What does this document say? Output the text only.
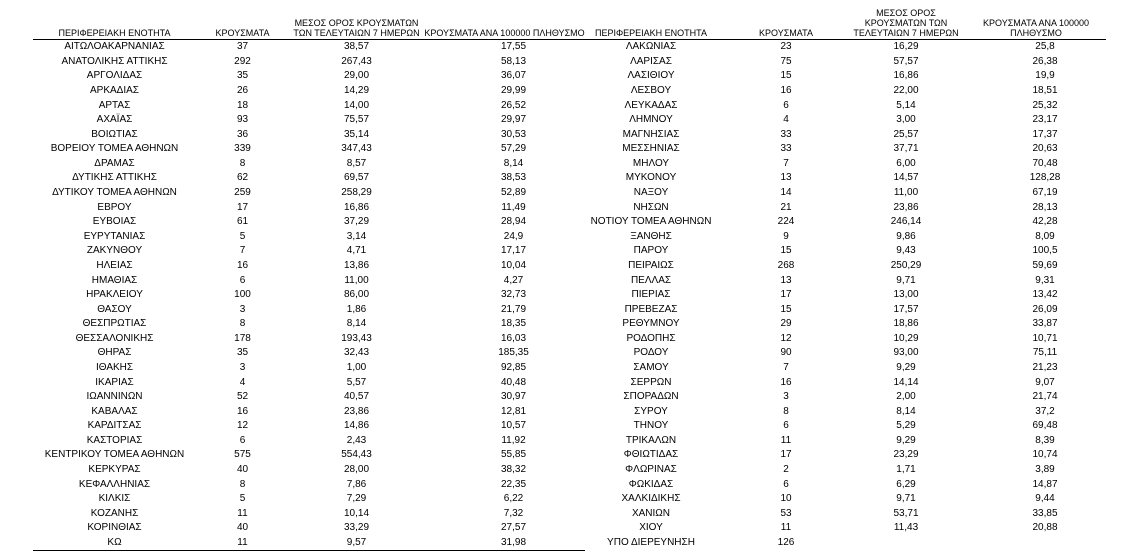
ΠΕΡΙΦΕΡΕΙΑΚΗ ΕΝΟΤΗΤΑ	ΚΡΟΥΣΜΑΤΑ	ΜΕΣΟΣ ΟΡΟΣ ΚΡΟΥΣΜΑΤΩΝ ΤΩΝ ΤΕΛΕΥΤΑΙΩΝ 7 ΗΜΕΡΩΝ	ΚΡΟΥΣΜΑΤΑ ΑΝΑ 100000 ΠΛΗΘΥΣΜΟ
ΑΙΤΩΛΟΑΚΑΡΝΑΝΙΑΣ	37	38,57	17,55
ΑΝΑΤΟΛΙΚΗΣ ΑΤΤΙΚΗΣ	292	267,43	58,13
ΑΡΓΟΛΙΔΑΣ	35	29,00	36,07
ΑΡΚΑΔΙΑΣ	26	14,29	29,99
ΑΡΤΑΣ	18	14,00	26,52
ΑΧΑΪΑΣ	93	75,57	29,97
ΒΟΙΩΤΙΑΣ	36	35,14	30,53
ΒΟΡΕΙΟΥ ΤΟΜΕΑ ΑΘΗΝΩΝ	339	347,43	57,29
ΔΡΑΜΑΣ	8	8,57	8,14
ΔΥΤΙΚΗΣ ΑΤΤΙΚΗΣ	62	69,57	38,53
ΔΥΤΙΚΟΥ ΤΟΜΕΑ ΑΘΗΝΩΝ	259	258,29	52,89
ΕΒΡΟΥ	17	16,86	11,49
ΕΥΒΟΙΑΣ	61	37,29	28,94
ΕΥΡΥΤΑΝΙΑΣ	5	3,14	24,9
ΖΑΚΥΝΘΟΥ	7	4,71	17,17
ΗΛΕΙΑΣ	16	13,86	10,04
ΗΜΑΘΙΑΣ	6	11,00	4,27
ΗΡΑΚΛΕΙΟΥ	100	86,00	32,73
ΘΑΣΟΥ	3	1,86	21,79
ΘΕΣΠΡΩΤΙΑΣ	8	8,14	18,35
ΘΕΣΣΑΛΟΝΙΚΗΣ	178	193,43	16,03
ΘΗΡΑΣ	35	32,43	185,35
ΙΘΑΚΗΣ	3	1,00	92,85
ΙΚΑΡΙΑΣ	4	5,57	40,48
ΙΩΑΝΝΙΝΩΝ	52	40,57	30,97
ΚΑΒΑΛΑΣ	16	23,86	12,81
ΚΑΡΔΙΤΣΑΣ	12	14,86	10,57
ΚΑΣΤΟΡΙΑΣ	6	2,43	11,92
ΚΕΝΤΡΙΚΟΥ ΤΟΜΕΑ ΑΘΗΝΩΝ	575	554,43	55,85
ΚΕΡΚΥΡΑΣ	40	28,00	38,32
ΚΕΦΑΛΛΗΝΙΑΣ	8	7,86	22,35
ΚΙΛΚΙΣ	5	7,29	6,22
ΚΟΖΑΝΗΣ	11	10,14	7,32
ΚΟΡΙΝΘΙΑΣ	40	33,29	27,57
ΚΩ	11	9,57	31,98
ΠΕΡΙΦΕΡΕΙΑΚΗ ΕΝΟΤΗΤΑ	ΚΡΟΥΣΜΑΤΑ	ΜΕΣΟΣ ΟΡΟΣ ΚΡΟΥΣΜΑΤΩΝ ΤΩΝ ΤΕΛΕΥΤΑΙΩΝ 7 ΗΜΕΡΩΝ	ΚΡΟΥΣΜΑΤΑ ΑΝΑ 100000 ΠΛΗΘΥΣΜΟ
ΛΑΚΩΝΙΑΣ	23	16,29	25,8
ΛΑΡΙΣΑΣ	75	57,57	26,38
ΛΑΣΙΘΙΟΥ	15	16,86	19,9
ΛΕΣΒΟΥ	16	22,00	18,51
ΛΕΥΚΑΔΑΣ	6	5,14	25,32
ΛΗΜΝΟΥ	4	3,00	23,17
ΜΑΓΝΗΣΙΑΣ	33	25,57	17,37
ΜΕΣΣΗΝΙΑΣ	33	37,71	20,63
ΜΗΛΟΥ	7	6,00	70,48
ΜΥΚΟΝΟΥ	13	14,57	128,28
ΝΑΞΟΥ	14	11,00	67,19
ΝΗΣΩΝ	21	23,86	28,13
ΝΟΤΙΟΥ ΤΟΜΕΑ ΑΘΗΝΩΝ	224	246,14	42,28
ΞΑΝΘΗΣ	9	9,86	8,09
ΠΑΡΟΥ	15	9,43	100,5
ΠΕΙΡΑΙΩΣ	268	250,29	59,69
ΠΕΛΛΑΣ	13	9,71	9,31
ΠΙΕΡΙΑΣ	17	13,00	13,42
ΠΡΕΒΕΖΑΣ	15	17,57	26,09
ΡΕΘΥΜΝΟΥ	29	18,86	33,87
ΡΟΔΟΠΗΣ	12	10,29	10,71
ΡΟΔΟΥ	90	93,00	75,11
ΣΑΜΟΥ	7	9,29	21,23
ΣΕΡΡΩΝ	16	14,14	9,07
ΣΠΟΡΑΔΩΝ	3	2,00	21,74
ΣΥΡΟΥ	8	8,14	37,2
ΤΗΝΟΥ	6	5,29	69,48
ΤΡΙΚΑΛΩΝ	11	9,29	8,39
ΦΘΙΩΤΙΔΑΣ	17	23,29	10,74
ΦΛΩΡΙΝΑΣ	2	1,71	3,89
ΦΩΚΙΔΑΣ	6	6,29	14,87
ΧΑΛΚΙΔΙΚΗΣ	10	9,71	9,44
ΧΑΝΙΩΝ	53	53,71	33,85
ΧΙΟΥ	11	11,43	20,88
ΥΠΟ ΔΙΕΡΕΥΝΗΣΗ	126		
